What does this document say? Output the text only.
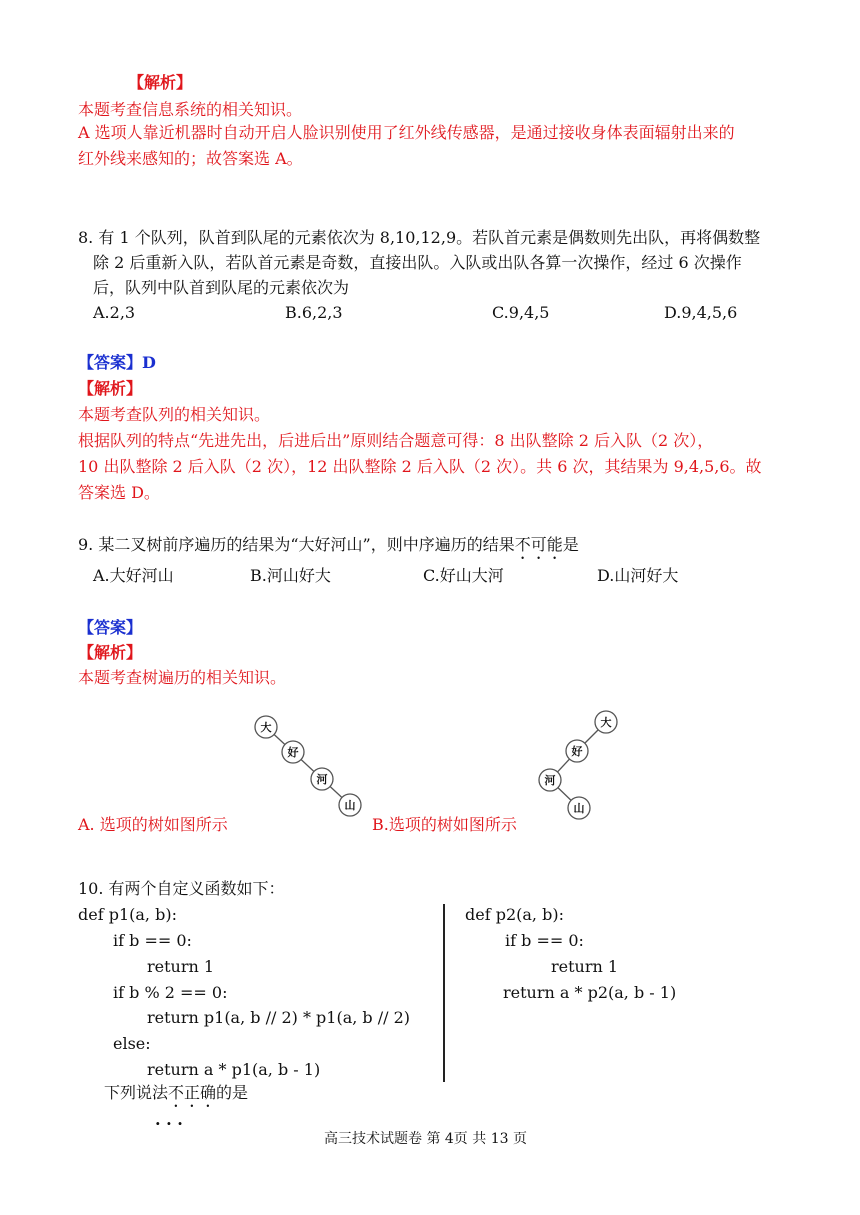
【解析】
本题考查信息系统的相关知识。
A 选项人靠近机器时自动开启人脸识别使用了红外线传感器，是通过接收身体表面辐射出来的
红外线来感知的；故答案选 A。
8. 有 1 个队列，队首到队尾的元素依次为 8,10,12,9。若队首元素是偶数则先出队，再将偶数整
除 2 后重新入队，若队首元素是奇数，直接出队。入队或出队各算一次操作，经过 6 次操作
后，队列中队首到队尾的元素依次为
A.2,3	B.6,2,3	C.9,4,5	D.9,4,5,6
【答案】D
【解析】
本题考查队列的相关知识。
根据队列的特点“先进先出，后进后出”原则结合题意可得：8 出队整除 2 后入队（2 次），
10 出队整除 2 后入队（2 次），12 出队整除 2 后入队（2 次）。共 6 次，其结果为 9,4,5,6。故
答案选 D。
9. 某二叉树前序遍历的结果为“大好河山”，则中序遍历的结果不可能是
A.大好河山	B.河山好大	C.好山大河	D.山河好大
【答案】
【解析】
本题考查树遍历的相关知识。
大
好
河
山
大
好
河
山
A. 选项的树如图所示	B.选项的树如图所示
10. 有两个自定义函数如下：
def p1(a, b):
if b == 0:
return 1
if b % 2 == 0:
return p1(a, b // 2) * p1(a, b // 2)
else:
return a * p1(a, b - 1)
def p2(a, b):
if b == 0:
return 1
return a * p2(a, b - 1)
下列说法不正确的是
. . .
高三技术试题卷 第 4页 共 13 页
